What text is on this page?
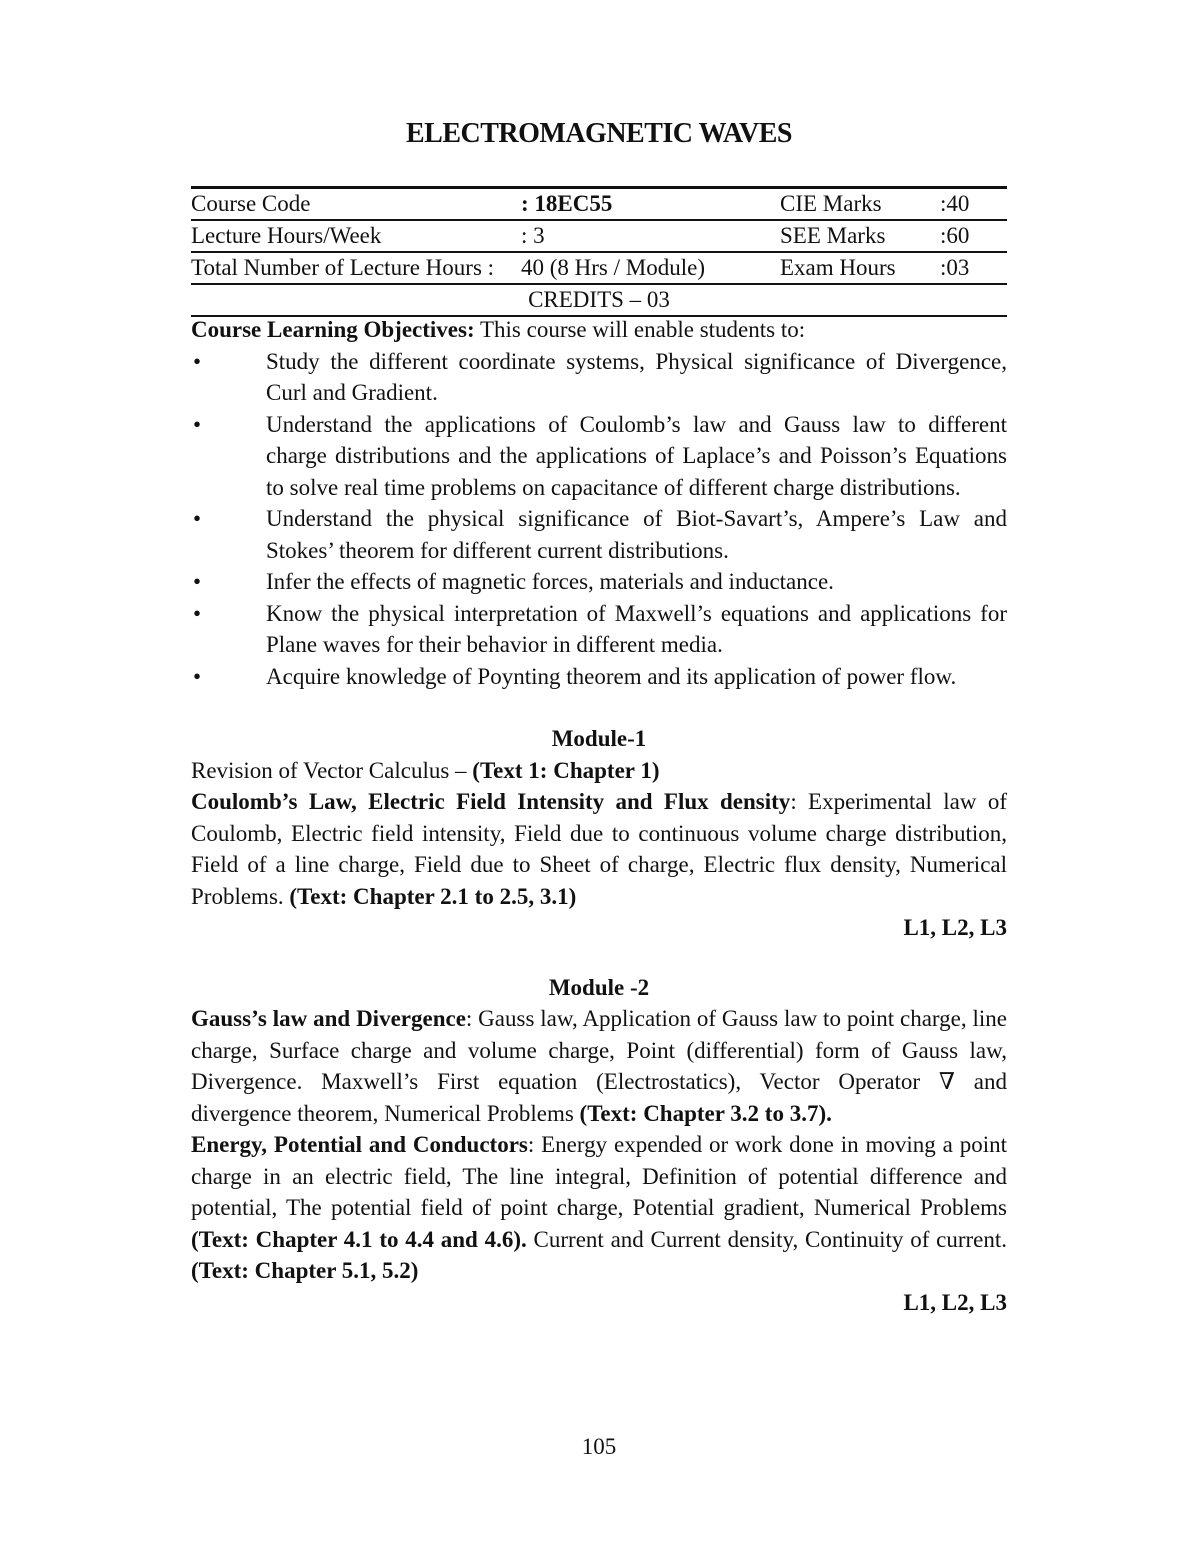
ELECTROMAGNETIC WAVES
Course Code	: 18EC55	CIE Marks	:40
Lecture Hours/Week	: 3	SEE Marks	:60
Total Number of Lecture Hours :	40 (8 Hrs / Module)	Exam Hours	:03
CREDITS – 03			

Course Learning Objectives: This course will enable students to:

•	Study the different coordinate systems, Physical significance of Divergence, Curl and Gradient.
•	Understand the applications of Coulomb’s law and Gauss law to different charge distributions and the applications of Laplace’s and Poisson’s Equations to solve real time problems on capacitance of different charge distributions.
•	Understand the physical significance of Biot-Savart’s, Ampere’s Law and Stokes’ theorem for different current distributions.
•	Infer the effects of magnetic forces, materials and inductance.
•	Know the physical interpretation of Maxwell’s equations and applications for Plane waves for their behavior in different media.
•	Acquire knowledge of Poynting theorem and its application of power flow.

Module-1

Revision of Vector Calculus – (Text 1: Chapter 1)

Coulomb’s Law, Electric Field Intensity and Flux density: Experimental law of Coulomb, Electric field intensity, Field due to continuous volume charge distribution, Field of a line charge, Field due to Sheet of charge, Electric flux density, Numerical Problems. (Text: Chapter 2.1 to 2.5, 3.1)

L1, L2, L3

Module -2

Gauss’s law and Divergence: Gauss law, Application of Gauss law to point charge, line charge, Surface charge and volume charge, Point (differential) form of Gauss law, Divergence. Maxwell’s First equation (Electrostatics), Vector Operator ∇ and divergence theorem, Numerical Problems (Text: Chapter 3.2 to 3.7).

Energy, Potential and Conductors: Energy expended or work done in moving a point charge in an electric field, The line integral, Definition of potential difference and potential, The potential field of point charge, Potential gradient, Numerical Problems (Text: Chapter 4.1 to 4.4 and 4.6). Current and Current density, Continuity of current. (Text: Chapter 5.1, 5.2)

L1, L2, L3

105
